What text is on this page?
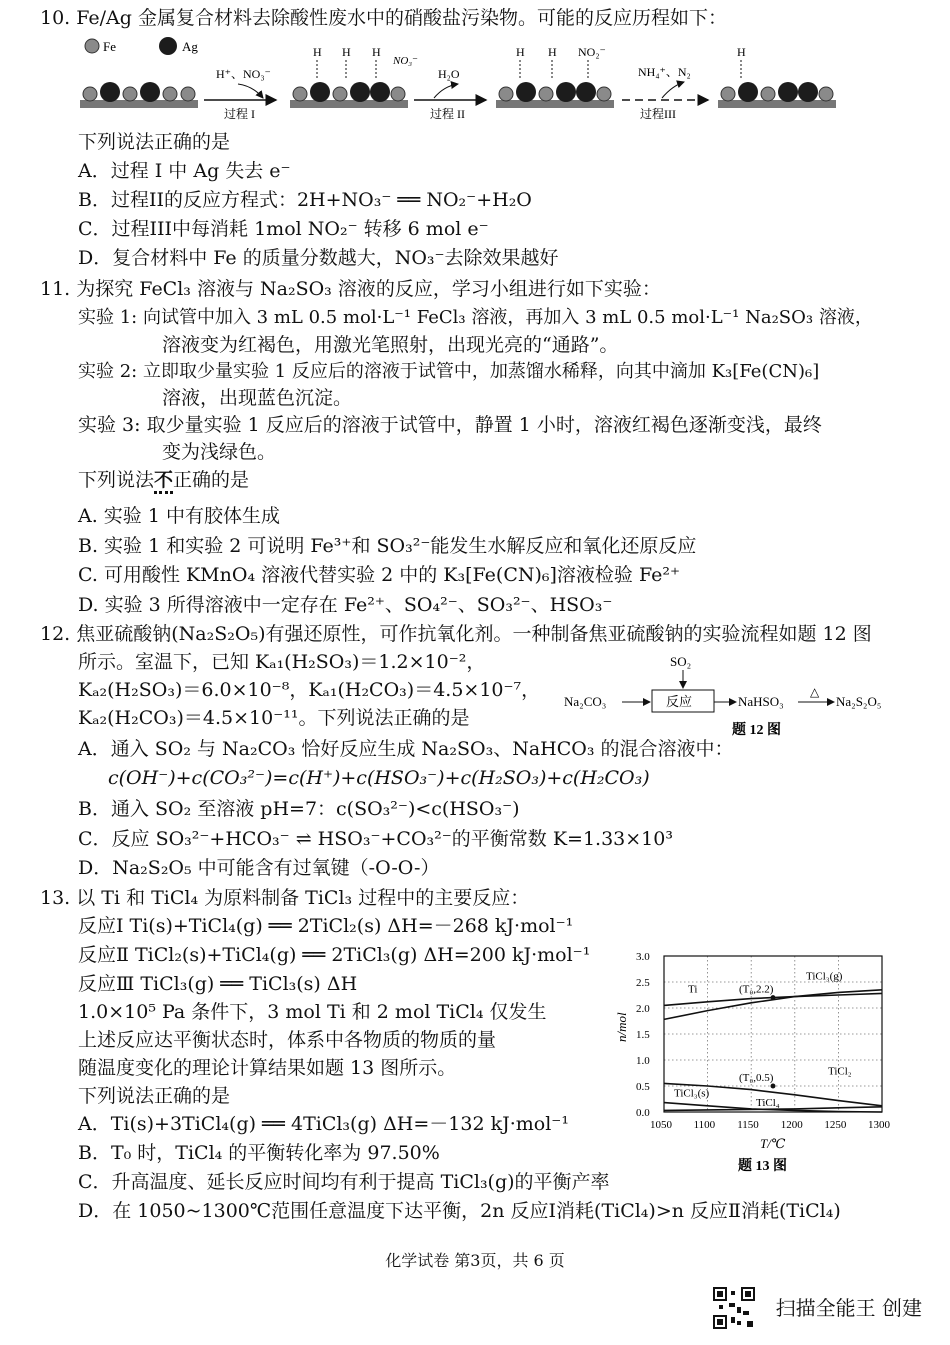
10. Fe/Ag 金属复合材料去除酸性废水中的硝酸盐污染物。可能的反应历程如下：
Fe	Ag
H⁺、NO₃⁻
过程 I
H H H
NO₃⁻
H₂O
过程 II
H H NO₂⁻
NH₄⁺、N₂
过程III
H
下列说法正确的是
A．过程 I 中 Ag 失去 e⁻
B．过程II的反应方程式：2H+NO₃⁻ ══ NO₂⁻+H₂O
C．过程III中每消耗 1mol NO₂⁻ 转移 6 mol e⁻
D．复合材料中 Fe 的质量分数越大，NO₃⁻去除效果越好
11. 为探究 FeCl₃ 溶液与 Na₂SO₃ 溶液的反应，学习小组进行如下实验：
实验 1: 向试管中加入 3 mL 0.5 mol·L⁻¹ FeCl₃ 溶液，再加入 3 mL 0.5 mol·L⁻¹ Na₂SO₃ 溶液，
溶液变为红褐色，用激光笔照射，出现光亮的“通路”。
实验 2: 立即取少量实验 1 反应后的溶液于试管中，加蒸馏水稀释，向其中滴加 K₃[Fe(CN)₆]
溶液，出现蓝色沉淀。
实验 3: 取少量实验 1 反应后的溶液于试管中，静置 1 小时，溶液红褐色逐渐变浅，最终
变为浅绿色。
下列说法不正确的是
A. 实验 1 中有胶体生成
B. 实验 1 和实验 2 可说明 Fe³⁺和 SO₃²⁻能发生水解反应和氧化还原反应
C. 可用酸性 KMnO₄ 溶液代替实验 2 中的 K₃[Fe(CN)₆]溶液检验 Fe²⁺
D. 实验 3 所得溶液中一定存在 Fe²⁺、SO₄²⁻、SO₃²⁻、HSO₃⁻
12. 焦亚硫酸钠(Na₂S₂O₅)有强还原性，可作抗氧化剂。一种制备焦亚硫酸钠的实验流程如题 12 图
所示。室温下，已知 Kₐ₁(H₂SO₃)＝1.2×10⁻²，
Kₐ₂(H₂SO₃)＝6.0×10⁻⁸，Kₐ₁(H₂CO₃)＝4.5×10⁻⁷，
Kₐ₂(H₂CO₃)＝4.5×10⁻¹¹。下列说法正确的是
SO₂
Na₂CO₃	反应	NaHSO₃
△
Na₂S₂O₅
题 12 图
A．通入 SO₂ 与 Na₂CO₃ 恰好反应生成 Na₂SO₃、NaHCO₃ 的混合溶液中：
c(OH⁻)+c(CO₃²⁻)=c(H⁺)+c(HSO₃⁻)+c(H₂SO₃)+c(H₂CO₃)
B．通入 SO₂ 至溶液 pH=7：c(SO₃²⁻)<c(HSO₃⁻)
C．反应 SO₃²⁻+HCO₃⁻ ⇌ HSO₃⁻+CO₃²⁻的平衡常数 K=1.33×10³
D．Na₂S₂O₅ 中可能含有过氧键（-O-O-）
13. 以 Ti 和 TiCl₄ 为原料制备 TiCl₃ 过程中的主要反应：
反应Ⅰ Ti(s)+TiCl₄(g) ══ 2TiCl₂(s) ΔH=－268 kJ·mol⁻¹
反应Ⅱ TiCl₂(s)+TiCl₄(g) ══ 2TiCl₃(g) ΔH=200 kJ·mol⁻¹
反应Ⅲ TiCl₃(g) ══ TiCl₃(s) ΔH
1.0×10⁵ Pa 条件下，3 mol Ti 和 2 mol TiCl₄ 仅发生
上述反应达平衡状态时，体系中各物质的物质的量
随温度变化的理论计算结果如题 13 图所示。
下列说法正确的是
0.0
0.5
1.0
1.5
2.0
2.5
3.0
1050 1100 1150 1200 1250 1300
TiCl₃(g)
Ti
TiCl₂
TiCl₃(s)
TiCl₄
(T₀,2.2)
(T₀,0.5)
n/mol
T/℃
题 13 图
A．Ti(s)+3TiCl₄(g) ══ 4TiCl₃(g) ΔH=－132 kJ·mol⁻¹
B．T₀ 时，TiCl₄ 的平衡转化率为 97.50%
C．升高温度、延长反应时间均有利于提高 TiCl₃(g)的平衡产率
D．在 1050~1300℃范围任意温度下达平衡，2n 反应Ⅰ消耗(TiCl₄)>n 反应Ⅱ消耗(TiCl₄)
化学试卷 第3页，共 6 页
扫描全能王 创建
